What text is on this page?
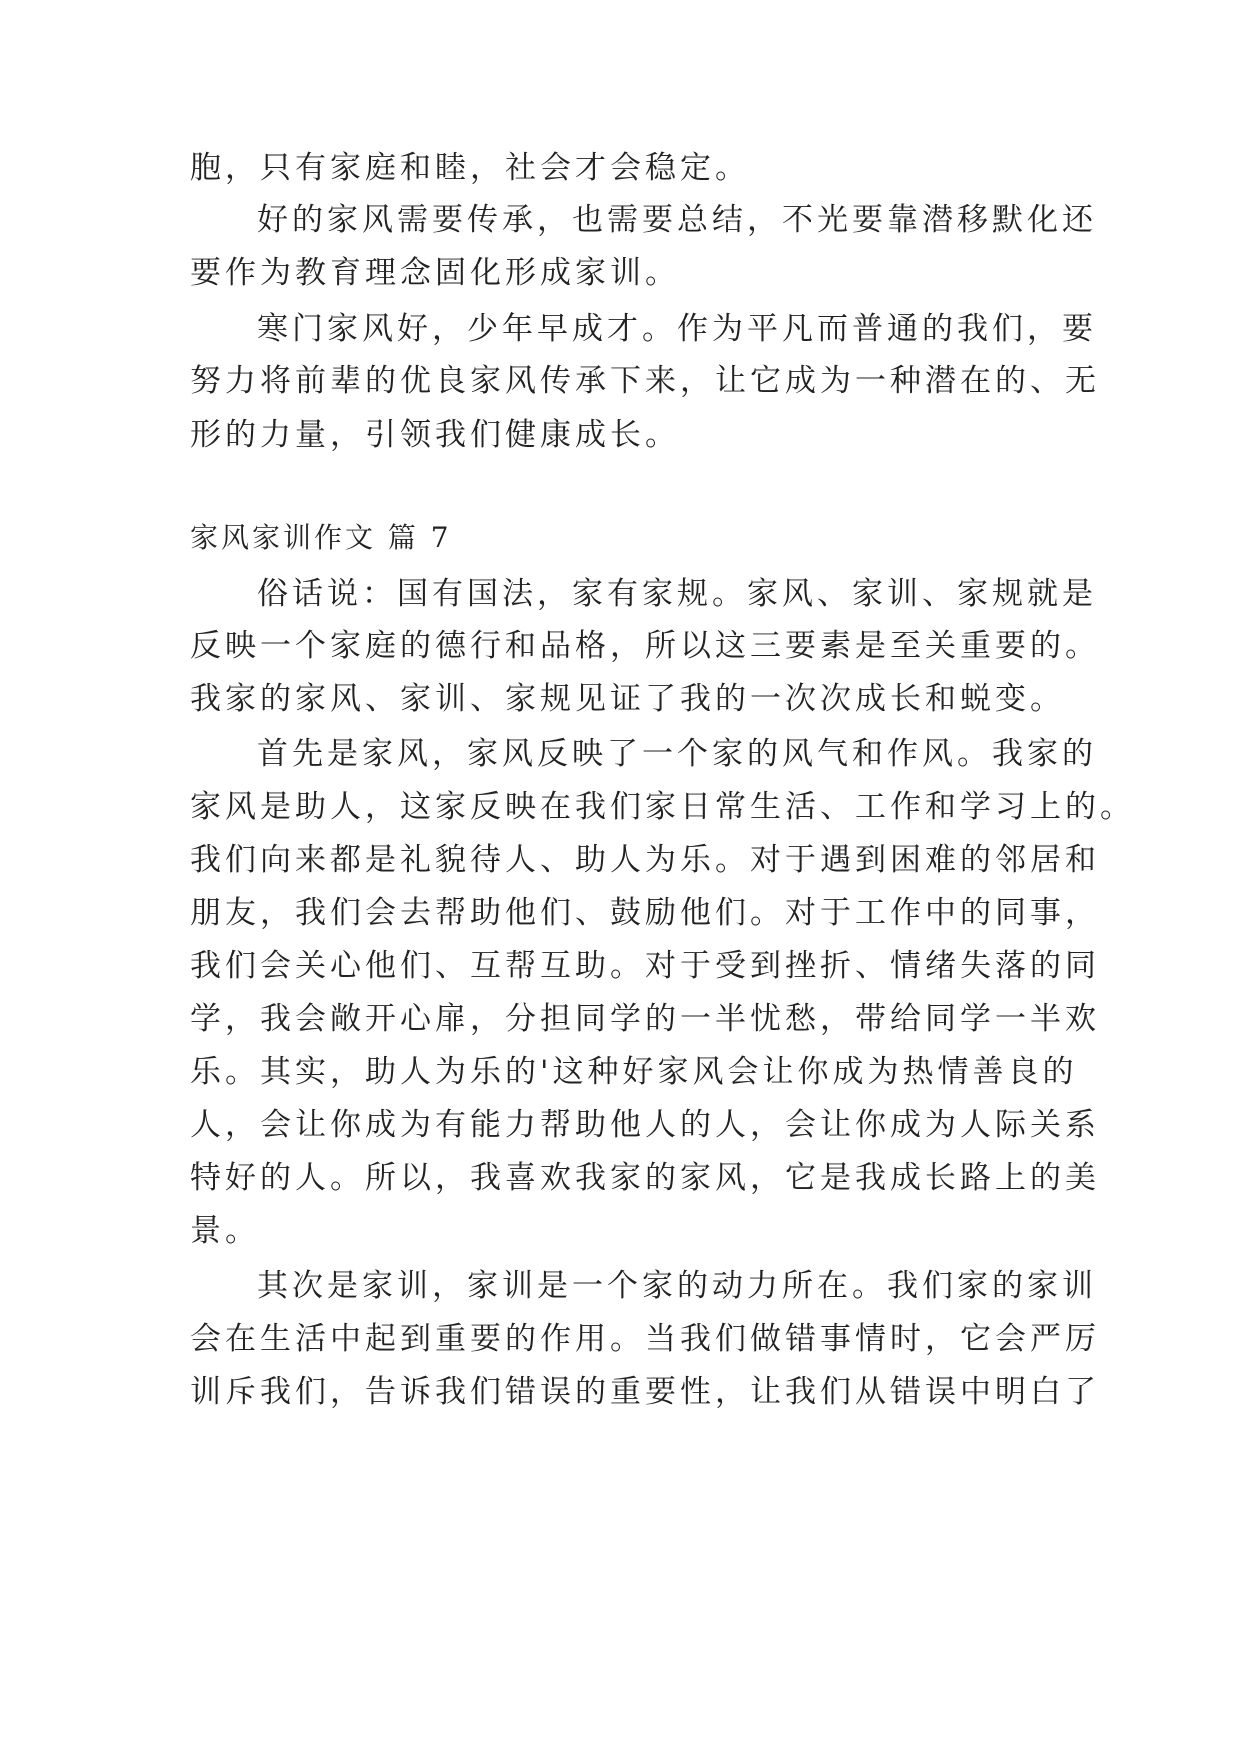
胞，只有家庭和睦，社会才会稳定。
好的家风需要传承，也需要总结，不光要靠潜移默化还
要作为教育理念固化形成家训。
寒门家风好，少年早成才。作为平凡而普通的我们，要
努力将前辈的优良家风传承下来，让它成为一种潜在的、无
形的力量，引领我们健康成长。
家风家训作文 篇 7
俗话说：国有国法，家有家规。家风、家训、家规就是
反映一个家庭的德行和品格，所以这三要素是至关重要的。
我家的家风、家训、家规见证了我的一次次成长和蜕变。
首先是家风，家风反映了一个家的风气和作风。我家的
家风是助人，这家反映在我们家日常生活、工作和学习上的。
我们向来都是礼貌待人、助人为乐。对于遇到困难的邻居和
朋友，我们会去帮助他们、鼓励他们。对于工作中的同事，
我们会关心他们、互帮互助。对于受到挫折、情绪失落的同
学，我会敞开心扉，分担同学的一半忧愁，带给同学一半欢
乐。其实，助人为乐的'这种好家风会让你成为热情善良的
人，会让你成为有能力帮助他人的人，会让你成为人际关系
特好的人。所以，我喜欢我家的家风，它是我成长路上的美
景。
其次是家训，家训是一个家的动力所在。我们家的家训
会在生活中起到重要的作用。当我们做错事情时，它会严厉
训斥我们，告诉我们错误的重要性，让我们从错误中明白了
